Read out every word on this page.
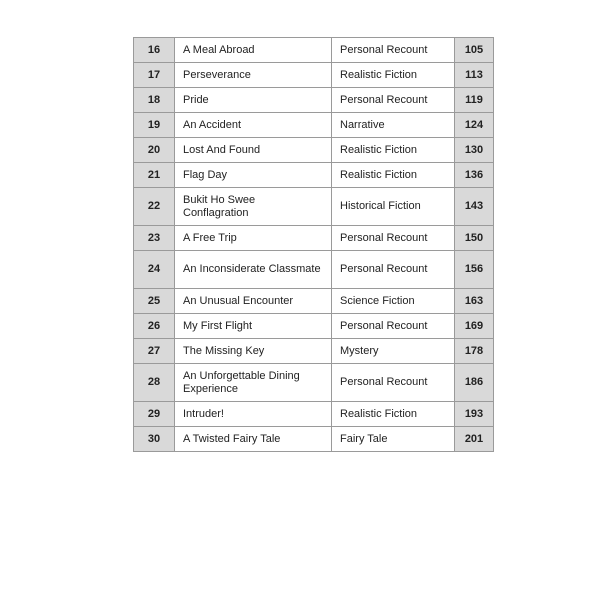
16	A Meal Abroad	Personal Recount	105
17	Perseverance	Realistic Fiction	113
18	Pride	Personal Recount	119
19	An Accident	Narrative	124
20	Lost And Found	Realistic Fiction	130
21	Flag Day	Realistic Fiction	136
22	Bukit Ho Swee Conflagration	Historical Fiction	143
23	A Free Trip	Personal Recount	150
24	An Inconsiderate Classmate	Personal Recount	156
25	An Unusual Encounter	Science Fiction	163
26	My First Flight	Personal Recount	169
27	The Missing Key	Mystery	178
28	An Unforgettable Dining Experience	Personal Recount	186
29	Intruder!	Realistic Fiction	193
30	A Twisted Fairy Tale	Fairy Tale	201
